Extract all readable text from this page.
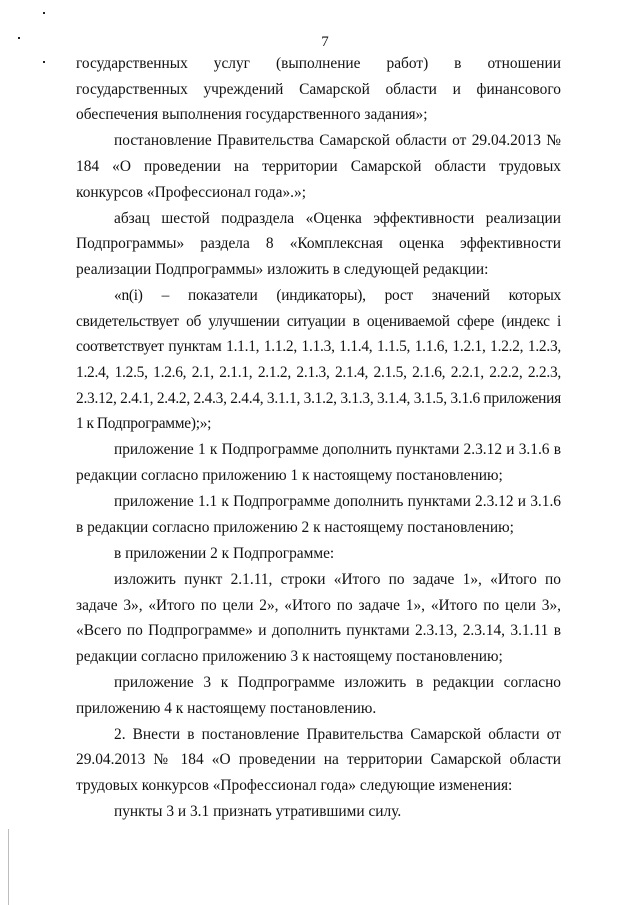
7

государственных услуг (выполнение работ) в отношении государственных учреждений Самарской области и финансового обеспечения выполнения государственного задания»;

постановление Правительства Самарской области от 29.04.2013 № 184 «О проведении на территории Самарской области трудовых конкурсов «Профессионал года».»;

абзац шестой подраздела «Оценка эффективности реализации Подпрограммы» раздела 8 «Комплексная оценка эффективности реализации Подпрограммы» изложить в следующей редакции:

«n(i) – показатели (индикаторы), рост значений которых свидетельствует об улучшении ситуации в оцениваемой сфере (индекс i соответствует пунктам 1.1.1, 1.1.2, 1.1.3, 1.1.4, 1.1.5, 1.1.6, 1.2.1, 1.2.2, 1.2.3, 1.2.4, 1.2.5, 1.2.6, 2.1, 2.1.1, 2.1.2, 2.1.3, 2.1.4, 2.1.5, 2.1.6, 2.2.1, 2.2.2, 2.2.3, 2.3.12, 2.4.1, 2.4.2, 2.4.3, 2.4.4, 3.1.1, 3.1.2, 3.1.3, 3.1.4, 3.1.5, 3.1.6 приложения 1 к Подпрограмме);»;

приложение 1 к Подпрограмме дополнить пунктами 2.3.12 и 3.1.6 в редакции согласно приложению 1 к настоящему постановлению;

приложение 1.1 к Подпрограмме дополнить пунктами 2.3.12 и 3.1.6 в редакции согласно приложению 2 к настоящему постановлению;

в приложении 2 к Подпрограмме:

изложить пункт 2.1.11, строки «Итого по задаче 1», «Итого по задаче 3», «Итого по цели 2», «Итого по задаче 1», «Итого по цели 3», «Всего по Подпрограмме» и дополнить пунктами 2.3.13, 2.3.14, 3.1.11 в редакции согласно приложению 3 к настоящему постановлению;

приложение 3 к Подпрограмме изложить в редакции согласно приложению 4 к настоящему постановлению.

2. Внести в постановление Правительства Самарской области от 29.04.2013 № 184 «О проведении на территории Самарской области трудовых конкурсов «Профессионал года» следующие изменения:

пункты 3 и 3.1 признать утратившими силу.
